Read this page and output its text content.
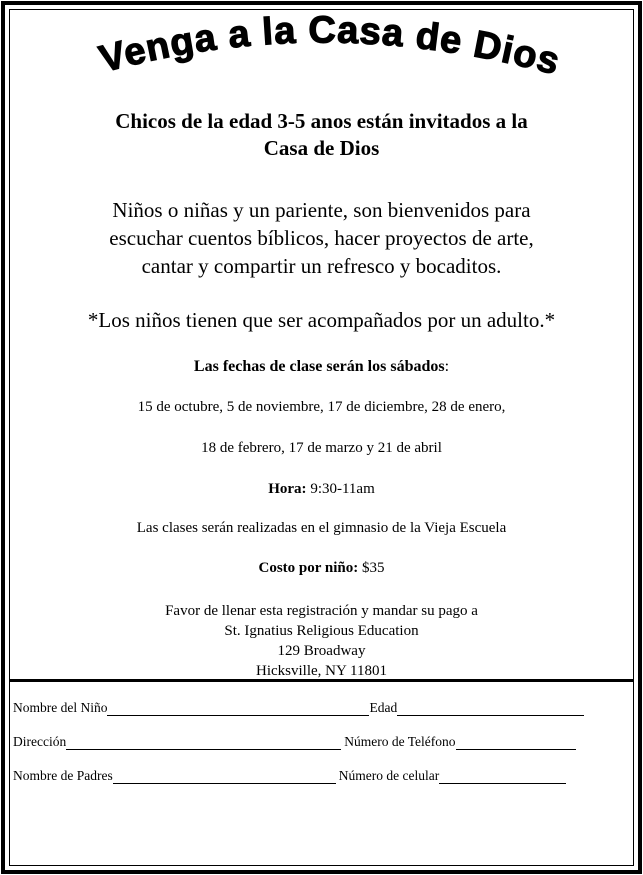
Venga a la Casa de Dios
Chicos de la edad 3-5 anos están invitados a la
Casa de Dios
Niños o niñas y un pariente, son bienvenidos para
escuchar cuentos bíblicos, hacer proyectos de arte,
cantar y compartir un refresco y bocaditos.
*Los niños tienen que ser acompañados por un adulto.*
Las fechas de clase serán los sábados:
15 de octubre, 5 de noviembre, 17 de diciembre, 28 de enero,
18 de febrero, 17 de marzo y 21 de abril
Hora: 9:30-11am
Las clases serán realizadas en el gimnasio de la Vieja Escuela
Costo por niño: $35
Favor de llenar esta registración y mandar su pago a
St. Ignatius Religious Education
129 Broadway
Hicksville, NY 11801
Nombre del Niño	Edad
Dirección	Número de Teléfono
Nombre de Padres	Número de celular
